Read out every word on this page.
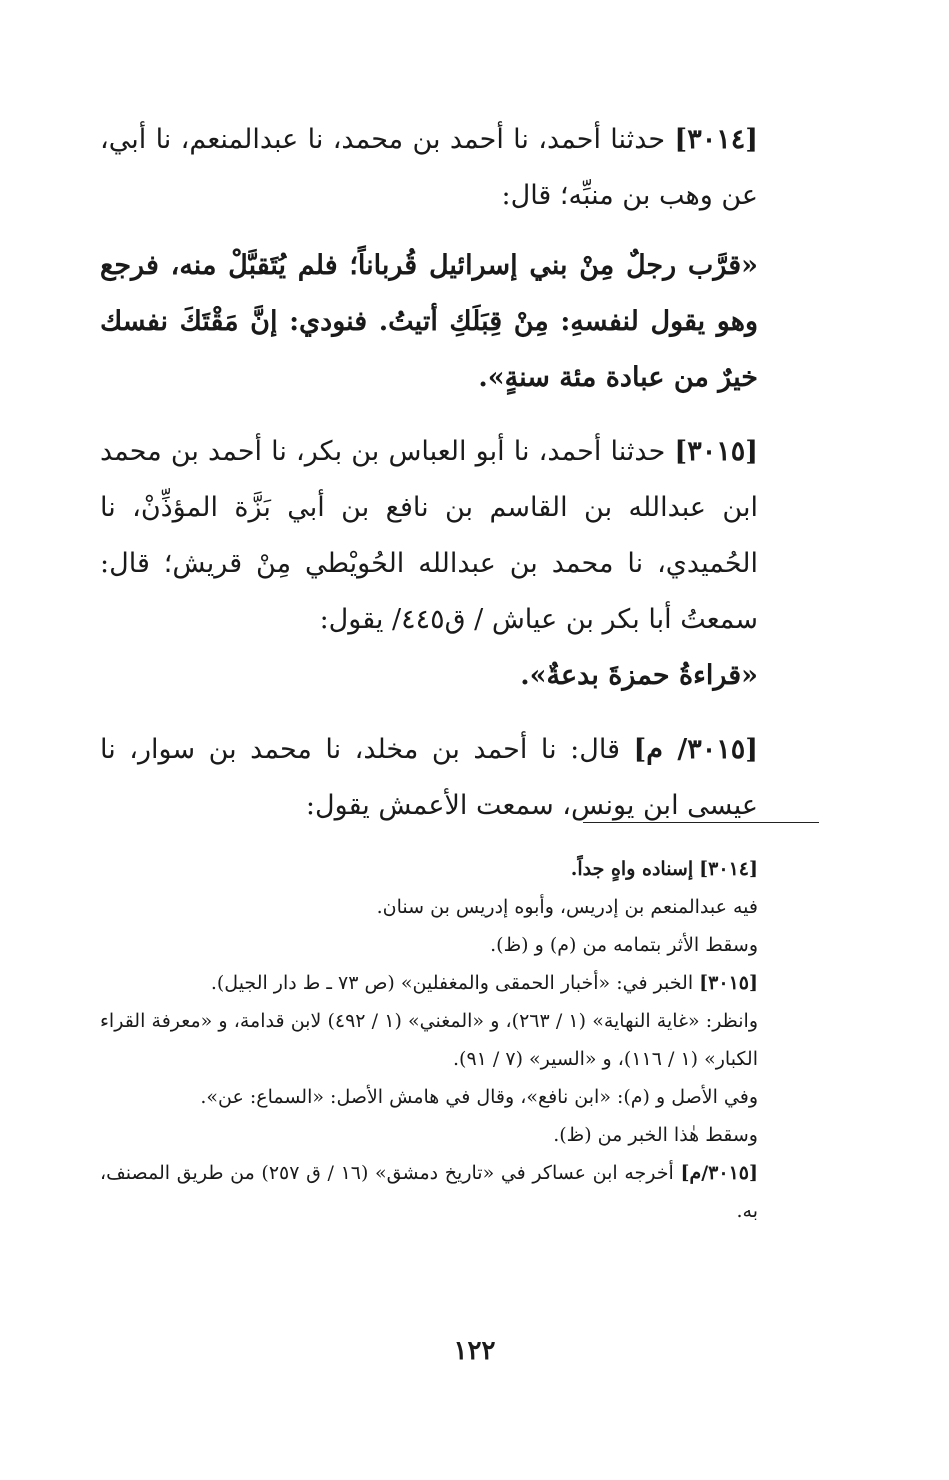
[٣٠١٤] حدثنا أحمد، نا أحمد بن محمد، نا عبدالمنعم، نا أبي، عن وهب بن منبِّه؛ قال:

«قرَّب رجلٌ مِنْ بني إسرائيل قُرباناً؛ فلم يُتَقبَّلْ منه، فرجع وهو يقول لنفسهِ: مِنْ قِبَلَكِ أتيتُ. فنودي: إنَّ مَقْتَكَ نفسك خيرٌ من عبادة مئة سنةٍ».

[٣٠١٥] حدثنا أحمد، نا أبو العباس بن بكر، نا أحمد بن محمد ابن عبدالله بن القاسم بن نافع بن أبي بَزَّة المؤذِّنْ، نا الحُميدي، نا محمد بن عبدالله الحُويْطي مِنْ قريش؛ قال: سمعتُ أبا بكر بن عياش / ق٤٤٥/ يقول:

«قراءةُ حمزةَ بدعةٌ».

[٣٠١٥/ م] قال: نا أحمد بن مخلد، نا محمد بن سوار، نا عيسى ابن يونس، سمعت الأعمش يقول:

[٣٠١٤] إسناده واهٍ جداً.

فيه عبدالمنعم بن إدريس، وأبوه إدريس بن سنان.

وسقط الأثر بتمامه من (م) و (ظ).

[٣٠١٥] الخبر في: «أخبار الحمقى والمغفلين» (ص ٧٣ ـ ط دار الجيل).

وانظر: «غاية النهاية» (١ / ٢٦٣)، و «المغني» (١ / ٤٩٢) لابن قدامة، و «معرفة القراء الكبار» (١ / ١١٦)، و «السير» (٧ / ٩١).

وفي الأصل و (م): «ابن نافع»، وقال في هامش الأصل: «السماع: عن».

وسقط هٰذا الخبر من (ظ).

[٣٠١٥/م] أخرجه ابن عساكر في «تاريخ دمشق» (١٦ / ق ٢٥٧) من طريق المصنف، به.

١٢٢
